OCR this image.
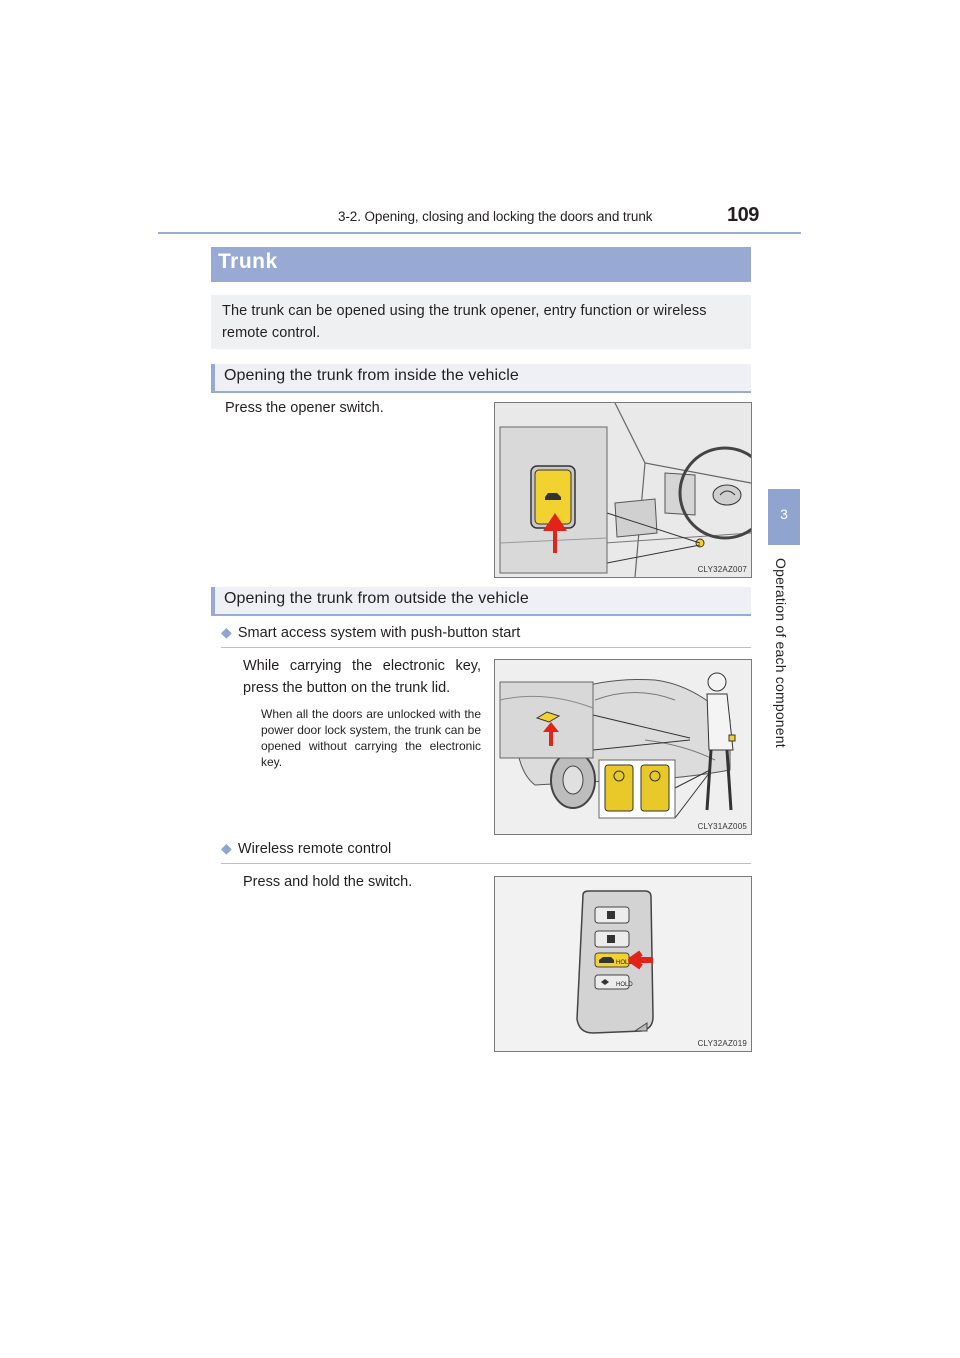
3-2. Opening, closing and locking the doors and trunk	109
3
Operation of each component
Trunk
The trunk can be opened using the trunk opener, entry function or wireless remote control.
Opening the trunk from inside the vehicle
Press the opener switch.
CLY32AZ007
Opening the trunk from outside the vehicle
◆ Smart access system with push-button start
While carrying the electronic key, press the button on the trunk lid.
When all the doors are unlocked with the power door lock system, the trunk can be opened without carrying the electronic key.
CLY31AZ005
◆ Wireless remote control
Press and hold the switch.
HOLD
HOLD
CLY32AZ019
